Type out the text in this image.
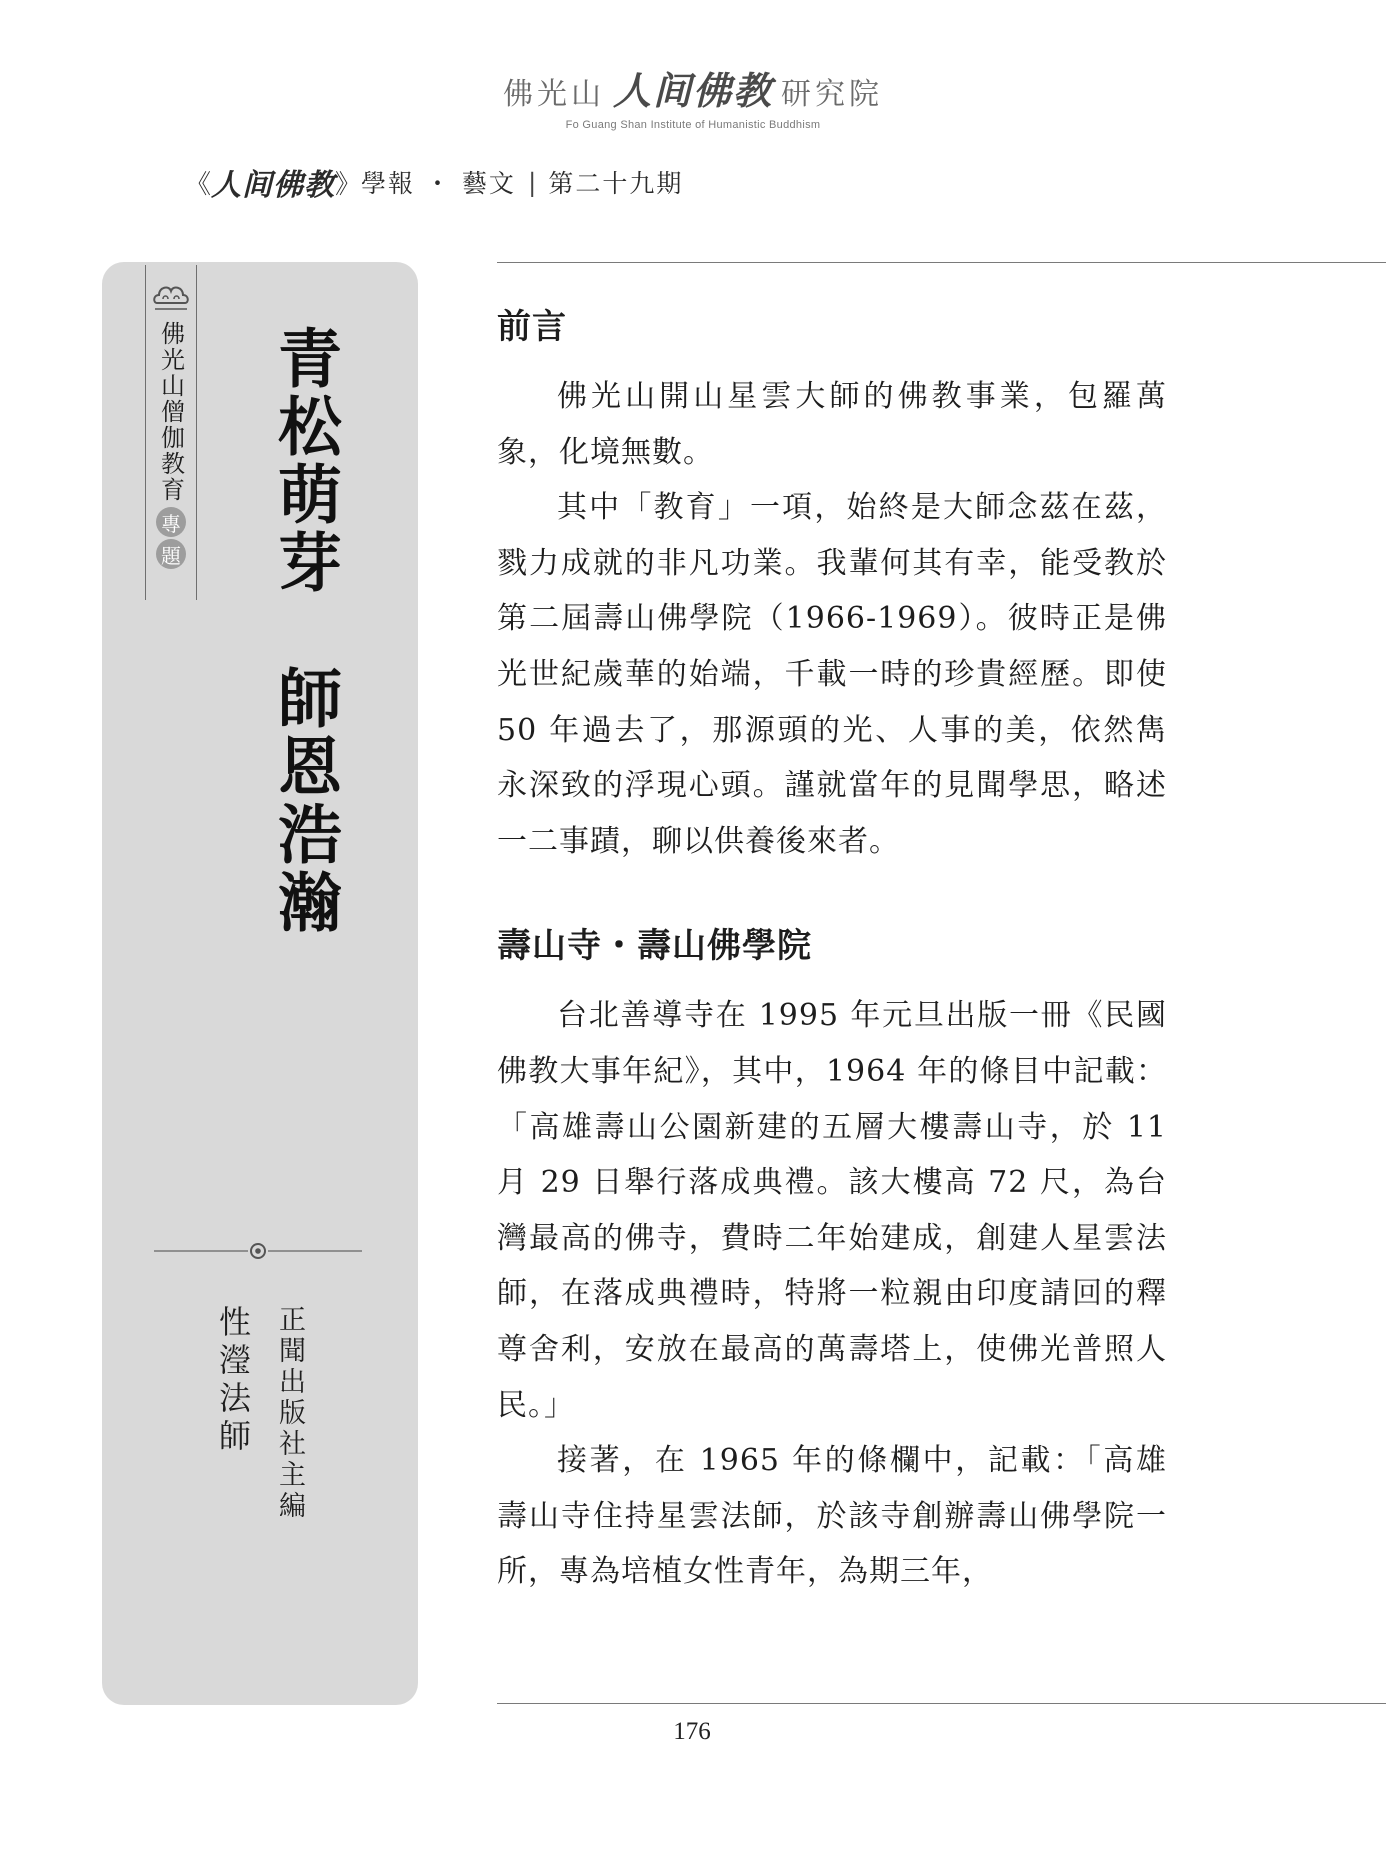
佛光山 人间佛教 研究院
Fo Guang Shan Institute of Humanistic Buddhism
《 人间佛教 》 學報 ・ 藝文 | 第二十九期
佛光山僧伽教育
專
題 青松萌芽　師恩浩瀚
正聞出版社主編
性瀅法師
前言

佛光山開山星雲大師的佛教事業，包羅萬象，化境無數。

其中「教育」一項，始終是大師念茲在茲，戮力成就的非凡功業。我輩何其有幸，能受教於第二屆壽山佛學院（1966-1969）。彼時正是佛光世紀歲華的始端，千載一時的珍貴經歷。即使 50 年過去了，那源頭的光、人事的美，依然雋永深致的浮現心頭。謹就當年的見聞學思，略述一二事蹟，聊以供養後來者。

壽山寺・壽山佛學院

台北善導寺在 1995 年元旦出版一冊《民國佛教大事年紀》，其中，1964 年的條目中記載：「高雄壽山公園新建的五層大樓壽山寺，於 11 月 29 日舉行落成典禮。該大樓高 72 尺，為台灣最高的佛寺，費時二年始建成，創建人星雲法師，在落成典禮時，特將一粒親由印度請回的釋尊舍利，安放在最高的萬壽塔上，使佛光普照人民。」

接著，在 1965 年的條欄中，記載：「高雄壽山寺住持星雲法師，於該寺創辦壽山佛學院一所，專為培植女性青年，為期三年，

176
